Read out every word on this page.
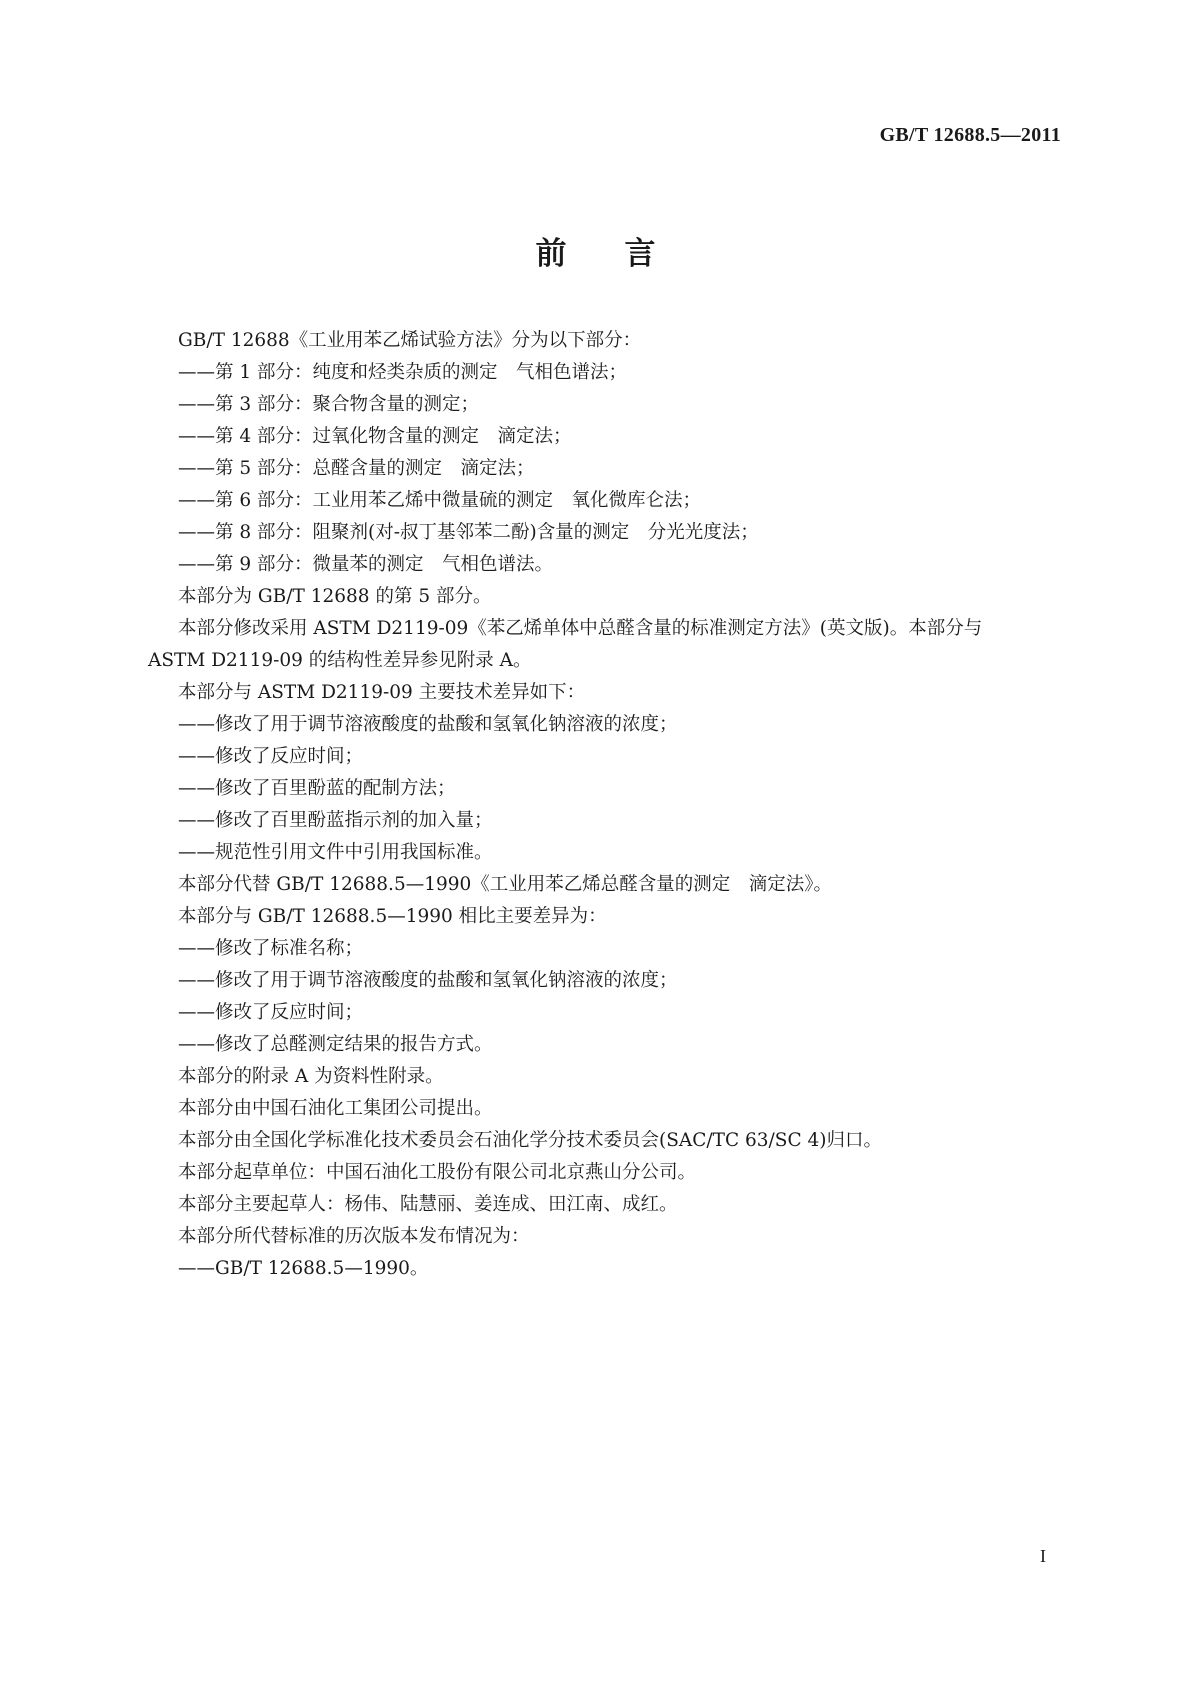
GB/T 12688.5—2011
前言
GB/T 12688《工业用苯乙烯试验方法》分为以下部分：
——第 1 部分：纯度和烃类杂质的测定　气相色谱法；
——第 3 部分：聚合物含量的测定；
——第 4 部分：过氧化物含量的测定　滴定法；
——第 5 部分：总醛含量的测定　滴定法；
——第 6 部分：工业用苯乙烯中微量硫的测定　氧化微库仑法；
——第 8 部分：阻聚剂(对-叔丁基邻苯二酚)含量的测定　分光光度法；
——第 9 部分：微量苯的测定　气相色谱法。
本部分为 GB/T 12688 的第 5 部分。
本部分修改采用 ASTM D2119-09《苯乙烯单体中总醛含量的标准测定方法》(英文版)。本部分与
ASTM D2119-09 的结构性差异参见附录 A。
本部分与 ASTM D2119-09 主要技术差异如下：
——修改了用于调节溶液酸度的盐酸和氢氧化钠溶液的浓度；
——修改了反应时间；
——修改了百里酚蓝的配制方法；
——修改了百里酚蓝指示剂的加入量；
——规范性引用文件中引用我国标准。
本部分代替 GB/T 12688.5—1990《工业用苯乙烯总醛含量的测定　滴定法》。
本部分与 GB/T 12688.5—1990 相比主要差异为：
——修改了标准名称；
——修改了用于调节溶液酸度的盐酸和氢氧化钠溶液的浓度；
——修改了反应时间；
——修改了总醛测定结果的报告方式。
本部分的附录 A 为资料性附录。
本部分由中国石油化工集团公司提出。
本部分由全国化学标准化技术委员会石油化学分技术委员会(SAC/TC 63/SC 4)归口。
本部分起草单位：中国石油化工股份有限公司北京燕山分公司。
本部分主要起草人：杨伟、陆慧丽、姜连成、田江南、成红。
本部分所代替标准的历次版本发布情况为：
——GB/T 12688.5—1990。
I
